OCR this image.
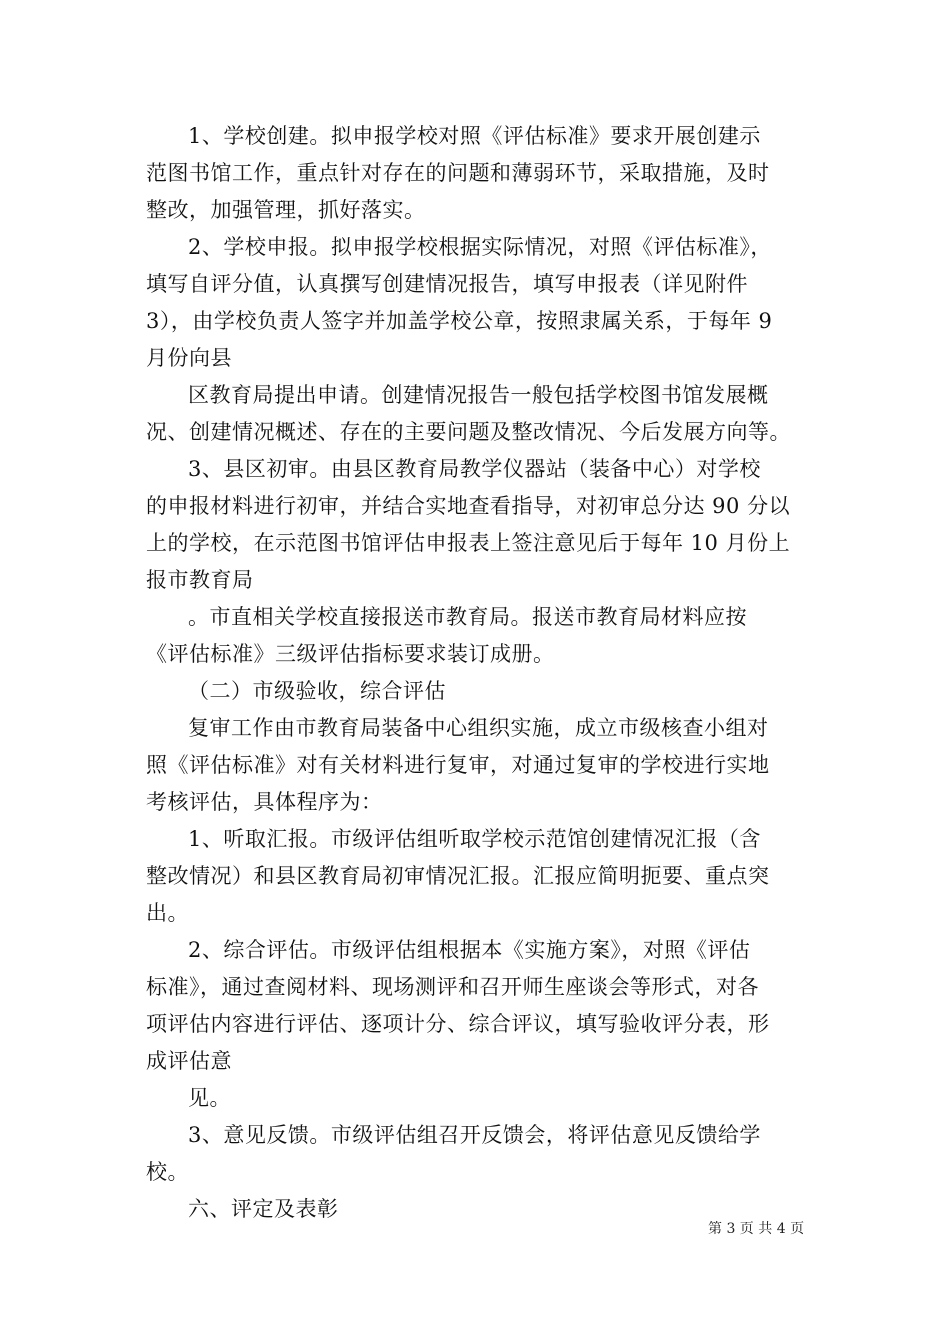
1、学校创建。拟申报学校对照《评估标准》要求开展创建示
范图书馆工作，重点针对存在的问题和薄弱环节，采取措施，及时
整改，加强管理，抓好落实。

2、学校申报。拟申报学校根据实际情况，对照《评估标准》，
填写自评分值，认真撰写创建情况报告，填写申报表（详见附件
3），由学校负责人签字并加盖学校公章，按照隶属关系，于每年 9
月份向县

区教育局提出申请。创建情况报告一般包括学校图书馆发展概
况、创建情况概述、存在的主要问题及整改情况、今后发展方向等。

3、县区初审。由县区教育局教学仪器站（装备中心）对学校
的申报材料进行初审，并结合实地查看指导，对初审总分达 90 分以
上的学校，在示范图书馆评估申报表上签注意见后于每年 10 月份上
报市教育局

。市直相关学校直接报送市教育局。报送市教育局材料应按
《评估标准》三级评估指标要求装订成册。

（二）市级验收，综合评估

复审工作由市教育局装备中心组织实施，成立市级核查小组对
照《评估标准》对有关材料进行复审，对通过复审的学校进行实地
考核评估，具体程序为：

1、听取汇报。市级评估组听取学校示范馆创建情况汇报（含
整改情况）和县区教育局初审情况汇报。汇报应简明扼要、重点突
出。

2、综合评估。市级评估组根据本《实施方案》，对照《评估
标准》，通过查阅材料、现场测评和召开师生座谈会等形式，对各
项评估内容进行评估、逐项计分、综合评议，填写验收评分表，形
成评估意

见。

3、意见反馈。市级评估组召开反馈会，将评估意见反馈给学
校。

六、评定及表彰

第 3 页 共 4 页
